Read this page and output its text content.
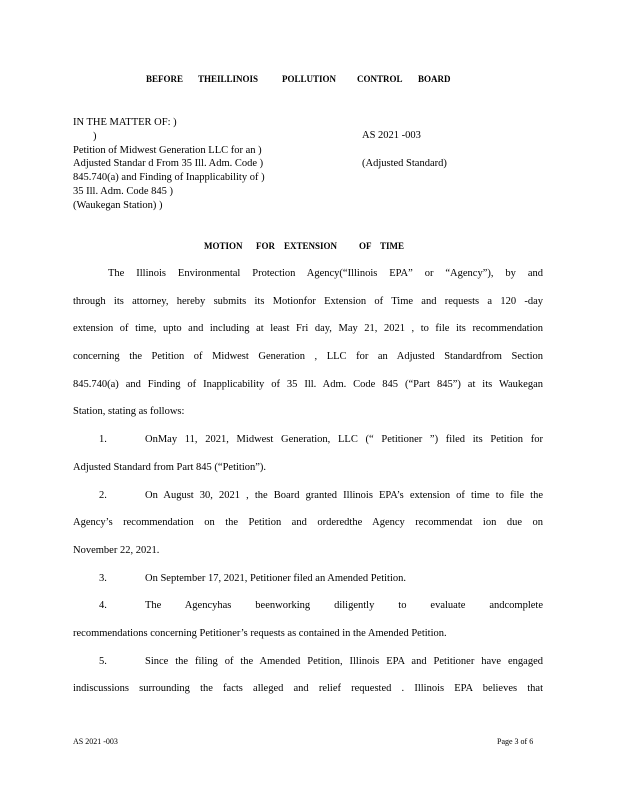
BEFORE THEILLINOIS	POLLUTION CONTROL BOARD
IN THE MATTER OF: )
)
Petition of Midwest Generation LLC for an )
Adjusted Standar d From 35 Ill. Adm. Code )
845.740(a) and Finding of Inapplicability of )
35 Ill. Adm. Code 845 )
(Waukegan Station) )
AS 2021 -003
(Adjusted Standard)
MOTION FOR EXTENSION OF TIME
The Illinois Environmental Protection Agency(“Illinois EPA” or “Agency”), by and
through its attorney, hereby submits its Motionfor Extension of Time and requests a 120 -day
extension of time, upto and including at least Fri day, May 21, 2021 , to file its recommendation
concerning the Petition of Midwest Generation , LLC for an Adjusted Standardfrom Section
845.740(a) and Finding of Inapplicability of 35 Ill. Adm. Code 845 (“Part 845”) at its Waukegan
Station, stating as follows:
1.	OnMay 11, 2021, Midwest Generation, LLC (“ Petitioner ”) filed its Petition for
Adjusted Standard from Part 845 (“Petition”).
2.	On August 30, 2021 , the Board granted Illinois EPA’s extension of time to file the
Agency’s recommendation on the Petition and orderedthe Agency recommendat ion due on
November 22, 2021.
3.	On September 17, 2021, Petitioner filed an Amended Petition.
4.	The Agencyhas beenworking diligently to evaluate andcomplete
recommendations concerning Petitioner’s requests as contained in the Amended Petition.
5.	Since the filing of the Amended Petition, Illinois EPA and Petitioner have engaged
indiscussions surrounding the facts alleged and relief requested . Illinois EPA believes that
AS 2021 -003	Page 3 of 6
